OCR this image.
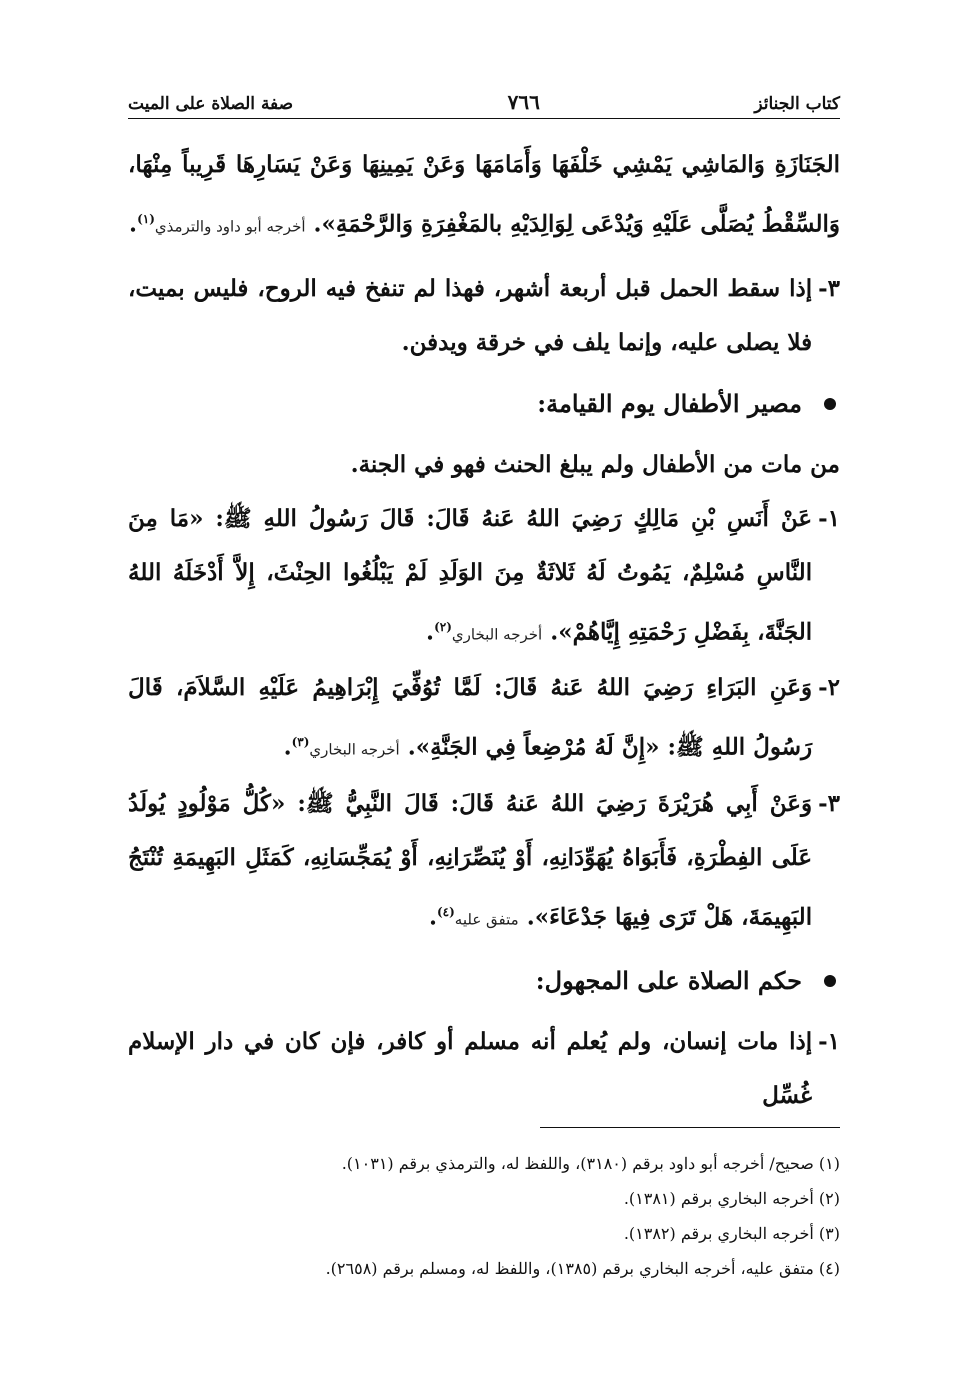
كتاب الجنائز
٧٦٦
صفة الصلاة على الميت

الجَنَازَةِ وَالمَاشِي يَمْشِي خَلْفَهَا وَأَمَامَهَا وَعَنْ يَمِينِهَا وَعَنْ يَسَارِهَا قَرِيباً مِنْهَا، وَالسِّقْطُ يُصَلَّى عَلَيْهِ وَيُدْعَى لِوَالِدَيْهِ بالمَغْفِرَةِ وَالرَّحْمَةِ». أخرجه أبو داود والترمذي$^{(١)}$.

٣-

إذا سقط الحمل قبل أربعة أشهر، فهذا لم تنفخ فيه الروح، فليس بميت، فلا يصلى عليه، وإنما يلف في خرقة ويدفن.

مصير الأطفال يوم القيامة:

من مات من الأطفال ولم يبلغ الحنث فهو في الجنة.

١-

عَنْ أَنَسِ بْنِ مَالِكٍ رَضِيَ اللهُ عَنهُ قَالَ: قَالَ رَسُولُ اللهِ ﷺ: «مَا مِنَ النَّاسِ مُسْلِمٌ، يَمُوتُ لَهُ ثَلاثَةٌ مِنَ الوَلَدِ لَمْ يَبْلُغُوا الحِنْثَ، إِلاَّ أَدْخَلَهُ اللهُ الجَنَّةَ، بِفَضْلِ رَحْمَتِهِ إِيَّاهُمْ». أخرجه البخاري$^{(٢)}$.

٢-

وَعَنِ البَرَاءِ رَضِيَ اللهُ عَنهُ قَالَ: لَمَّا تُوُفِّيَ إِبْرَاهِيمُ عَلَيْهِ السَّلاَمَ، قَالَ رَسُولُ اللهِ ﷺ: «إِنَّ لَهُ مُرْضِعاً فِي الجَنَّةِ». أخرجه البخاري$^{(٣)}$.

٣-

وَعَنْ أَبِي هُرَيْرَةَ رَضِيَ اللهُ عَنهُ قَالَ: قَالَ النَّبِيُّ ﷺ: «كُلُّ مَوْلُودٍ يُولَدُ عَلَى الفِطْرَةِ، فَأَبَوَاهُ يُهَوِّدَانِهِ، أَوْ يُنَصِّرَانِهِ، أَوْ يُمَجِّسَانِهِ، كَمَثَلِ البَهِيمَةِ تُنْتَجُ البَهِيمَةَ، هَلْ تَرَى فِيهَا جَدْعَاءَ». متفق عليه$^{(٤)}$.

حكم الصلاة على المجهول:
١-

إذا مات إنسان، ولم يُعلم أنه مسلم أو كافر، فإن كان في دار الإسلام غُسِّل

(١) صحيح/ أخرجه أبو داود برقم (٣١٨٠)، واللفظ له، والترمذي برقم (١٠٣١).
(٢) أخرجه البخاري برقم (١٣٨١).
(٣) أخرجه البخاري برقم (١٣٨٢).
(٤) متفق عليه، أخرجه البخاري برقم (١٣٨٥)، واللفظ له، ومسلم برقم (٢٦٥٨).
